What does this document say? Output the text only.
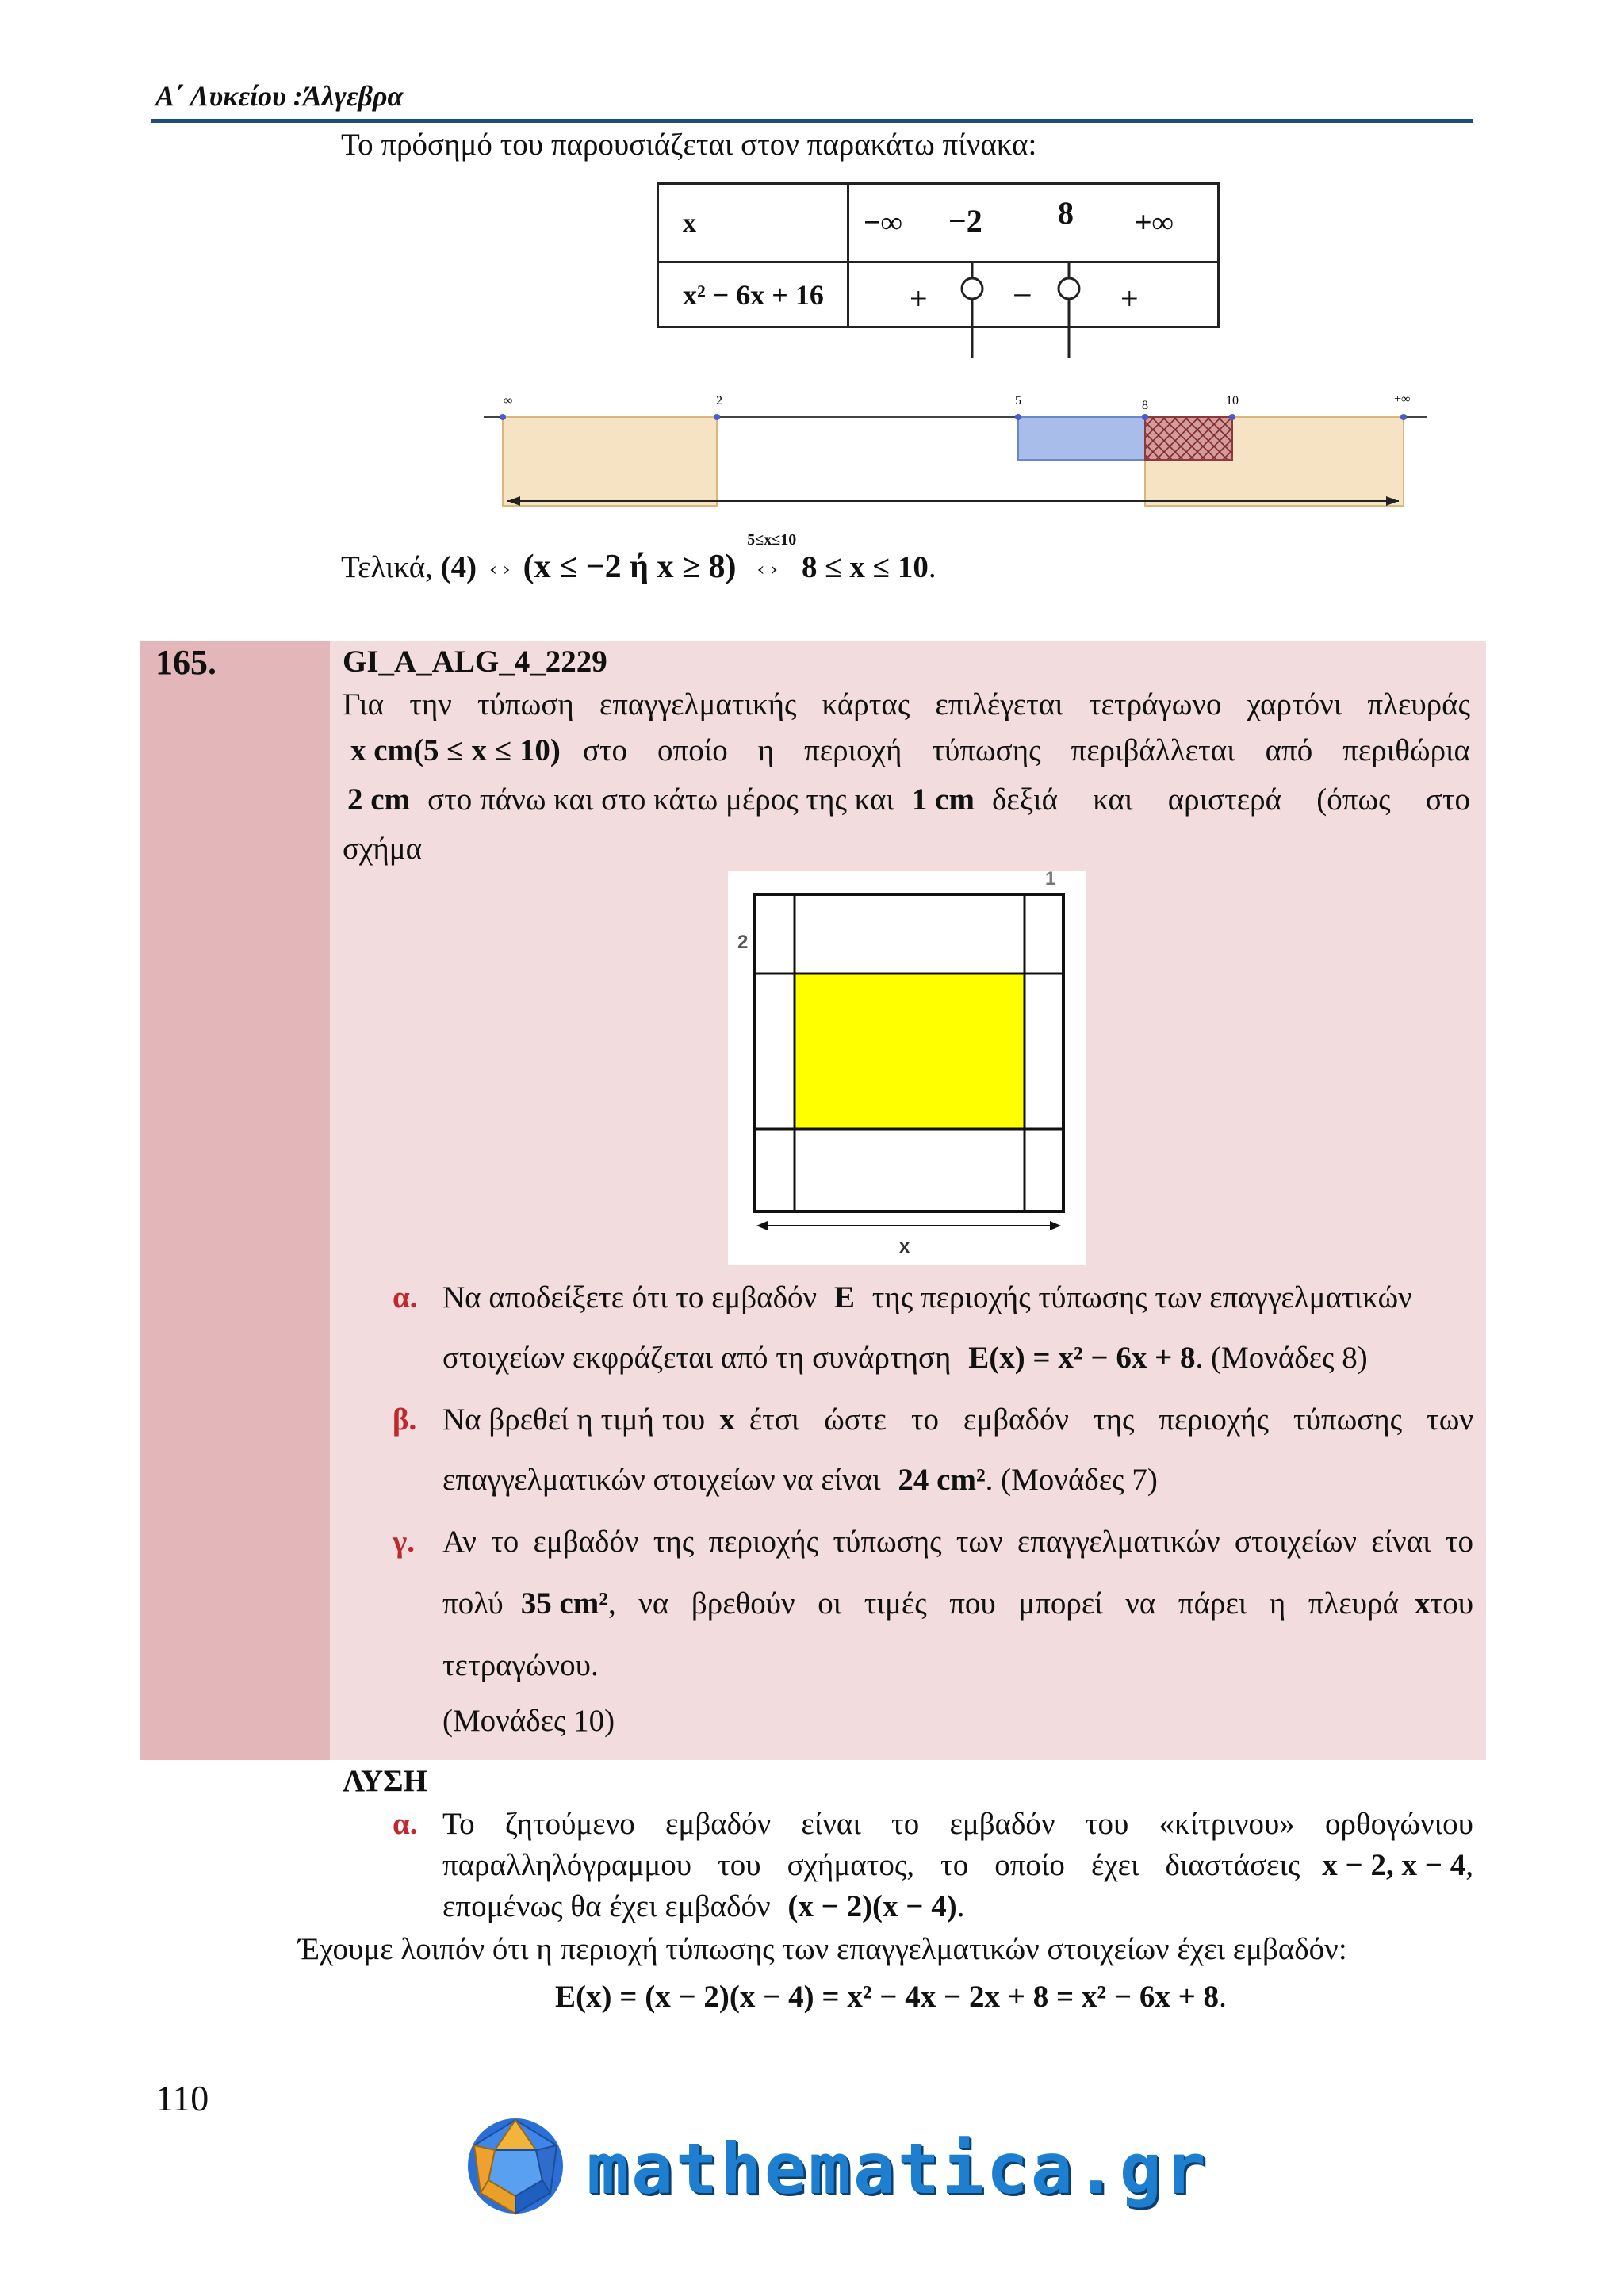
Α΄ Λυκείου :Άλγεβρα
Το πρόσημό του παρουσιάζεται στον παρακάτω πίνακα:
x	−∞ −2 8 +∞
x² − 6x + 16	+ −	+
−∞	−2	5	8	10	+∞
Τελικά, (4) ⇔ (x ≤ −2 ή x ≥ 8)
5≤x≤10
⇔ 8 ≤ x ≤ 10.
165.	GI_A_ALG_4_2229
Για την τύπωση επαγγελματικής κάρτας επιλέγεται τετράγωνο χαρτόνι πλευράς
x cm (5 ≤ x ≤ 10) στο οποίο η περιοχή τύπωσης περιβάλλεται από περιθώρια
2 cm στο πάνω και στο κάτω μέρος της και 1 cm δεξιά και αριστερά (όπως στο
σχήμα
1
2
x
α. Να αποδείξετε ότι το εμβαδόν E της περιοχής τύπωσης των επαγγελματικών
στοιχείων εκφράζεται από τη συνάρτηση E(x) = x² − 6x + 8. (Μονάδες 8)
β. Να βρεθεί η τιμή του x έτσι ώστε το εμβαδόν της περιοχής τύπωσης των
επαγγελματικών στοιχείων να είναι 24 cm². (Μονάδες 7)
γ. Αν το εμβαδόν της περιοχής τύπωσης των επαγγελματικών στοιχείων είναι το
πολύ 35 cm² , να βρεθούν οι τιμές που μπορεί να πάρει η πλευρά x του
τετραγώνου.
(Μονάδες 10)
ΛΥΣΗ
α. Το ζητούμενο εμβαδόν είναι το εμβαδόν του «κίτρινου» ορθογώνιου
παραλληλόγραμμου του σχήματος, το οποίο έχει διαστάσεις x − 2, x − 4 ,
επομένως θα έχει εμβαδόν (x − 2)(x − 4).
Έχουμε λοιπόν ότι η περιοχή τύπωσης των επαγγελματικών στοιχείων έχει εμβαδόν:
E(x) = (x − 2)(x − 4) = x² − 4x − 2x + 8 = x² − 6x + 8.
110
mathematica.gr
